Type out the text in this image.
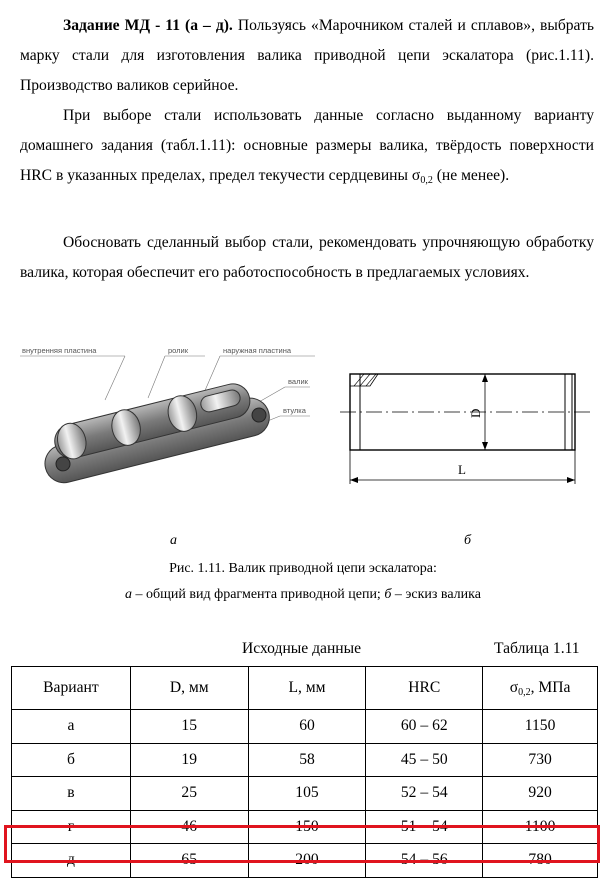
Задание МД - 11 (а – д). Пользуясь «Марочником сталей и сплавов», выбрать марку стали для изготовления валика приводной цепи эскалатора (рис.1.11). Производство валиков серийное.
При выборе стали использовать данные согласно выданному варианту домашнего задания (табл.1.11): основные размеры валика, твёрдость поверхности HRC в указанных пределах, предел текучести сердцевины $\sigma_{0,2}$ (не менее).
Обосновать сделанный выбор стали, рекомендовать упрочняющую обработку валика, которая обеспечит его работоспособность в предлагаемых условиях.
внутренняя пластина	ролик	наружная пластина
валик
втулка	D
L
а	б
Рис. 1.11. Валик приводной цепи эскалатора:
а – общий вид фрагмента приводной цепи; б – эскиз валика
Исходные данные	Таблица 1.11
Вариант	D, мм	L, мм	HRC	$\sigma_{0,2}$, МПа
а	15	60	60 – 62	1150
б	19	58	45 – 50	730
в	25	105	52 – 54	920
г	46	150	51 – 54	1100
д	65	200	54 – 56	780
